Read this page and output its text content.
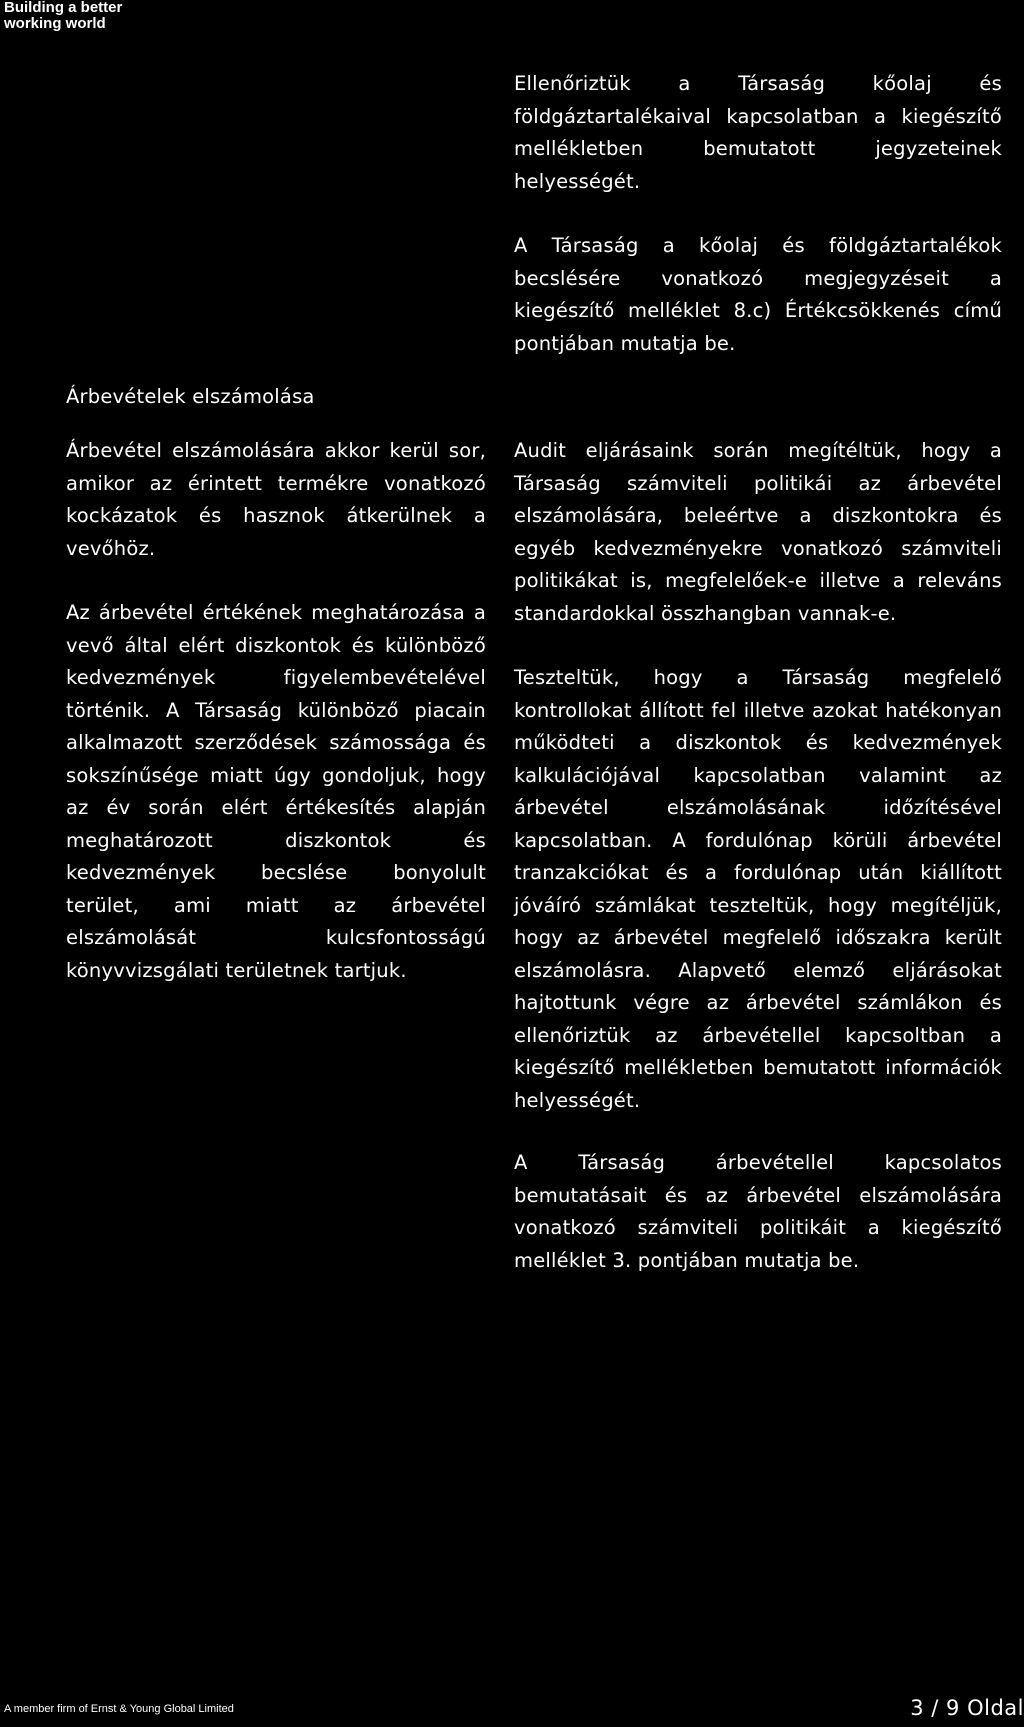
Building a better
working world

Ellenőriztük a Társaság kőolaj és földgáztartalékaival kapcsolatban a kiegészítő mellékletben bemutatott jegyzeteinek helyességét.

A Társaság a kőolaj és földgáztartalékok becslésére vonatkozó megjegyzéseit a kiegészítő melléklet 8.c) Értékcsökkenés című pontjában mutatja be.

Árbevételek elszámolása

Árbevétel elszámolására akkor kerül sor, amikor az érintett termékre vonatkozó kockázatok és hasznok átkerülnek a vevőhöz.

Az árbevétel értékének meghatározása a vevő által elért diszkontok és különböző kedvezmények figyelembevételével történik. A Társaság különböző piacain alkalmazott szerződések számossága és sokszínűsége miatt úgy gondoljuk, hogy az év során elért értékesítés alapján meghatározott diszkontok és kedvezmények becslése bonyolult terület, ami miatt az árbevétel elszámolását kulcsfontosságú könyvvizsgálati területnek tartjuk.

Audit eljárásaink során megítéltük, hogy a Társaság számviteli politikái az árbevétel elszámolására, beleértve a diszkontokra és egyéb kedvezményekre vonatkozó számviteli politikákat is, megfelelőek-e illetve a releváns standardokkal összhangban vannak-e.

Teszteltük, hogy a Társaság megfelelő kontrollokat állított fel illetve azokat hatékonyan működteti a diszkontok és kedvezmények kalkulációjával kapcsolatban valamint az árbevétel elszámolásának időzítésével kapcsolatban. A fordulónap körüli árbevétel tranzakciókat és a fordulónap után kiállított jóváíró számlákat teszteltük, hogy megítéljük, hogy az árbevétel megfelelő időszakra került elszámolásra. Alapvető elemző eljárásokat hajtottunk végre az árbevétel számlákon és ellenőriztük az árbevétellel kapcsoltban a kiegészítő mellékletben bemutatott információk helyességét.

A Társaság árbevétellel kapcsolatos bemutatásait és az árbevétel elszámolására vonatkozó számviteli politikáit a kiegészítő melléklet 3. pontjában mutatja be.

A member firm of Ernst & Young Global Limited	3 / 9 Oldal
